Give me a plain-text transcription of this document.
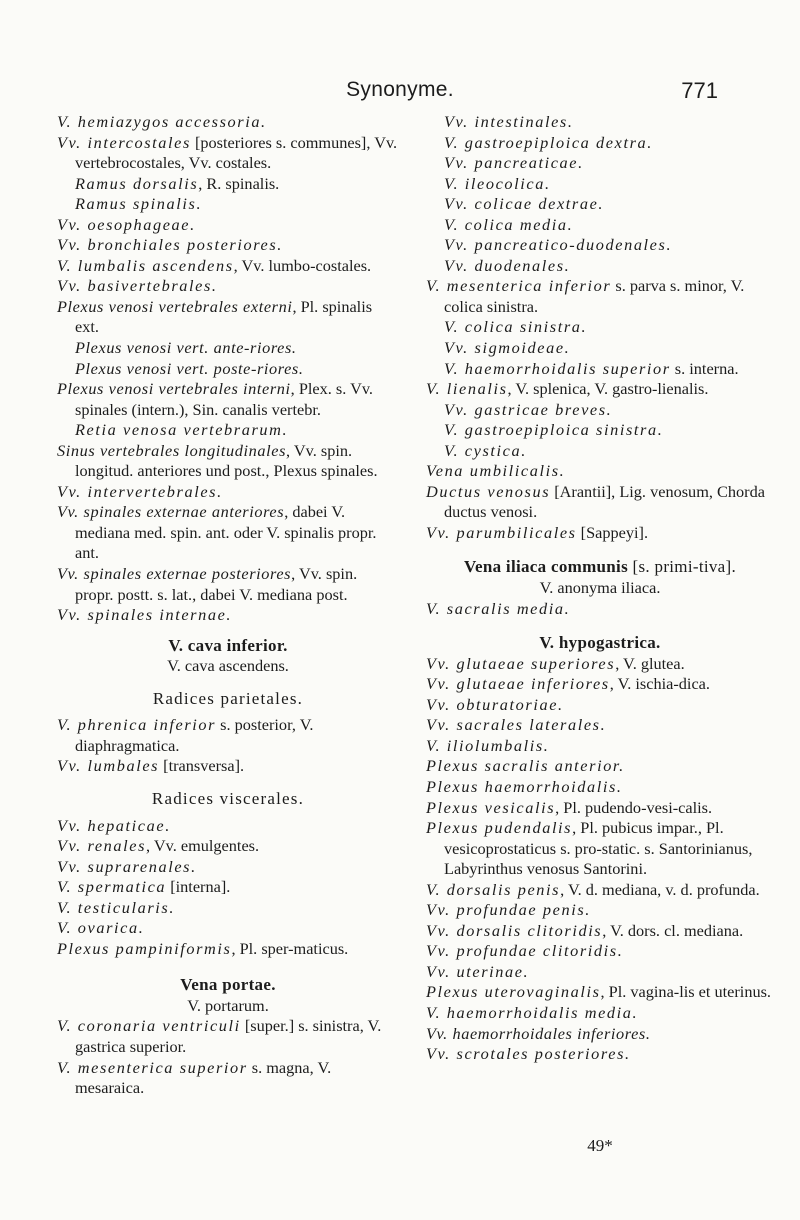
Synonyme.	771

V. hemiazygos accessoria.

Vv. intercostales [posteriores s. communes], Vv. vertebrocostales, Vv. costales.

Ramus dorsalis, R. spinalis.

Ramus spinalis.

Vv. oesophageae.

Vv. bronchiales posteriores.

V. lumbalis ascendens, Vv. lumbo-costales.

Vv. basivertebrales.

Plexus venosi vertebrales externi, Pl. spinalis ext.

Plexus venosi vert. ante-riores.

Plexus venosi vert. poste-riores.

Plexus venosi vertebrales interni, Plex. s. Vv. spinales (intern.), Sin. canalis vertebr.

Retia venosa vertebrarum.

Sinus vertebrales longitudinales, Vv. spin. longitud. anteriores und post., Plexus spinales.

Vv. intervertebrales.

Vv. spinales externae anteriores, dabei V. mediana med. spin. ant. oder V. spinalis propr. ant.

Vv. spinales externae posteriores, Vv. spin. propr. postt. s. lat., dabei V. mediana post.

Vv. spinales internae.

V. cava inferior.
V. cava ascendens.
Radices parietales.

V. phrenica inferior s. posterior, V. diaphragmatica.

Vv. lumbales [transversa].

Radices viscerales.

Vv. hepaticae.

Vv. renales, Vv. emulgentes.

Vv. suprarenales.

V. spermatica [interna].

V. testicularis.

V. ovarica.

Plexus pampiniformis, Pl. sper-maticus.

Vena portae.
V. portarum.

V. coronaria ventriculi [super.] s. sinistra, V. gastrica superior.

V. mesenterica superior s. magna, V. mesaraica.

Vv. intestinales.

V. gastroepiploica dextra.

Vv. pancreaticae.

V. ileocolica.

Vv. colicae dextrae.

V. colica media.

Vv. pancreatico-duodenales.

Vv. duodenales.

V. mesenterica inferior s. parva s. minor, V. colica sinistra.

V. colica sinistra.

Vv. sigmoideae.

V. haemorrhoidalis superior s. interna.

V. lienalis, V. splenica, V. gastro-lienalis.

Vv. gastricae breves.

V. gastroepiploica sinistra.

V. cystica.

Vena umbilicalis.

Ductus venosus [Arantii], Lig. venosum, Chorda ductus venosi.

Vv. parumbilicales [Sappeyi].

Vena iliaca communis [s. primi-tiva].
V. anonyma iliaca.

V. sacralis media.

V. hypogastrica.

Vv. glutaeae superiores, V. glutea.

Vv. glutaeae inferiores, V. ischia-dica.

Vv. obturatoriae.

Vv. sacrales laterales.

V. iliolumbalis.

Plexus sacralis anterior.

Plexus haemorrhoidalis.

Plexus vesicalis, Pl. pudendo-vesi-calis.

Plexus pudendalis, Pl. pubicus impar., Pl. vesicoprostaticus s. pro-static. s. Santorinianus, Labyrinthus venosus Santorini.

V. dorsalis penis, V. d. mediana, v. d. profunda.

Vv. profundae penis.

Vv. dorsalis clitoridis, V. dors. cl. mediana.

Vv. profundae clitoridis.

Vv. uterinae.

Plexus uterovaginalis, Pl. vagina-lis et uterinus.

V. haemorrhoidalis media.

Vv. haemorrhoidales inferiores.

Vv. scrotales posteriores.

49*
